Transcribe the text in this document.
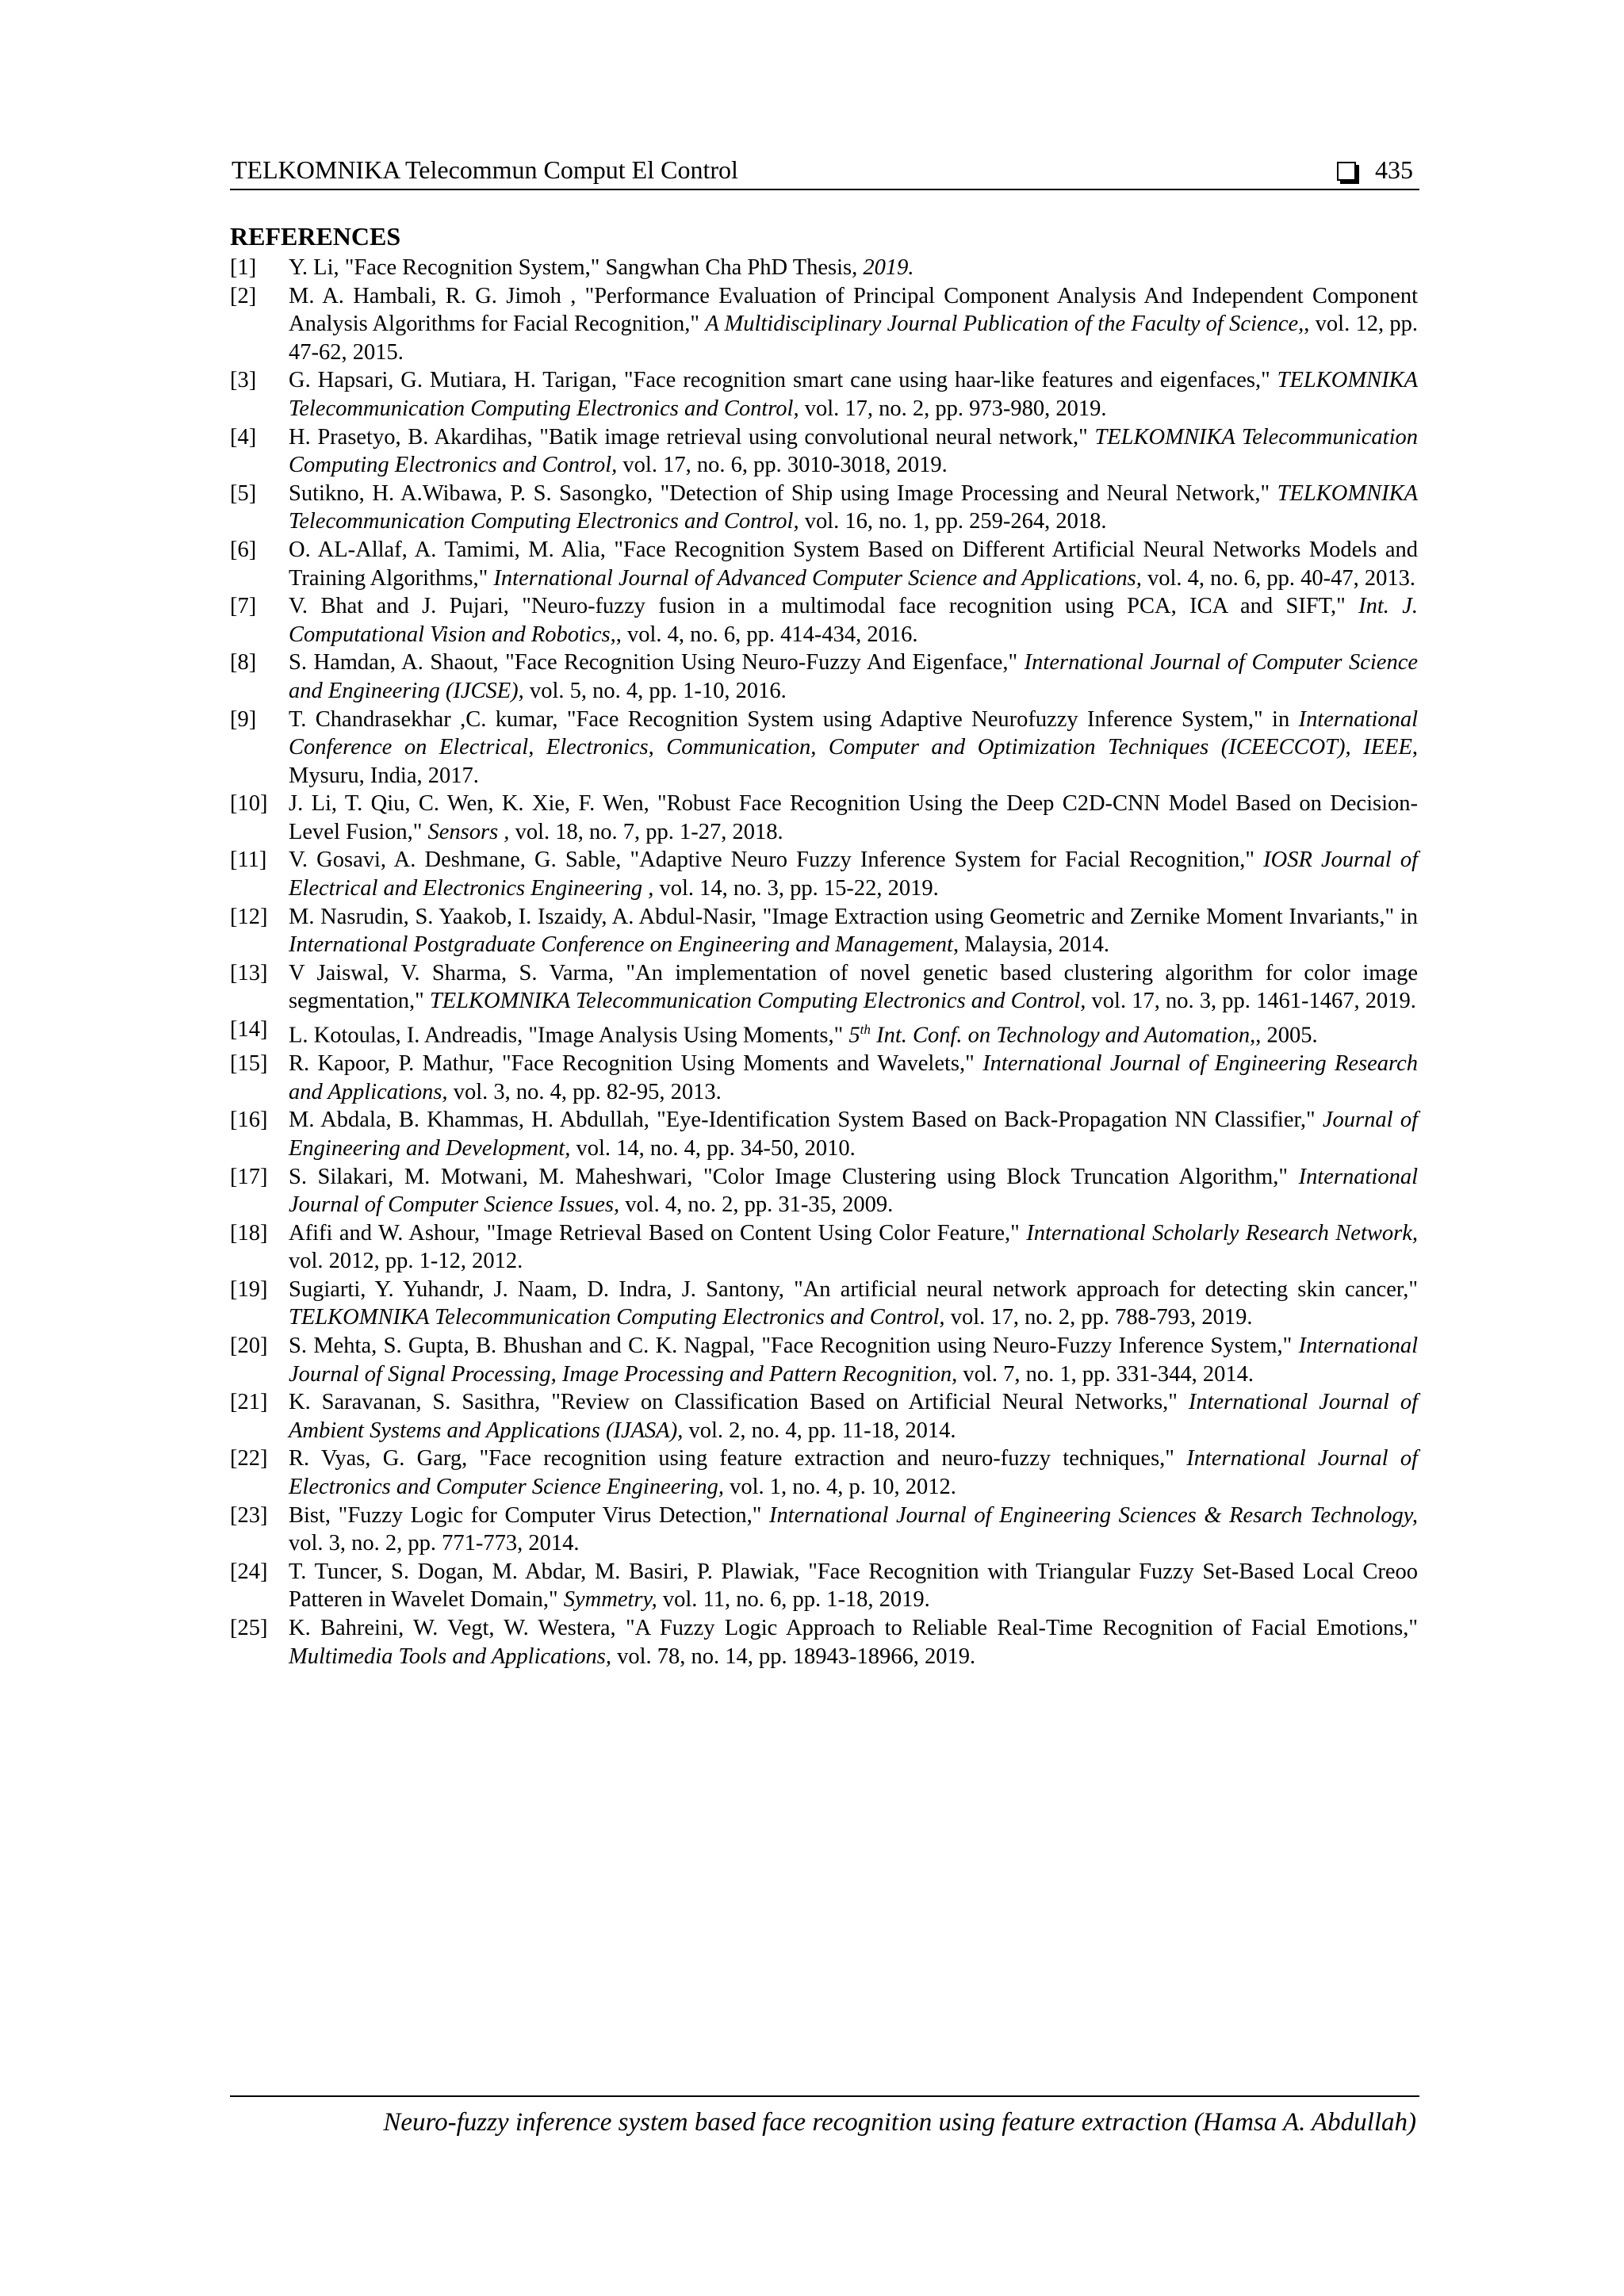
TELKOMNIKA Telecommun Comput El Control	435
REFERENCES
[1]	Y. Li, "Face Recognition System," Sangwhan Cha PhD Thesis, 2019.
[2]	M. A. Hambali, R. G. Jimoh , "Performance Evaluation of Principal Component Analysis And Independent Component Analysis Algorithms for Facial Recognition," A Multidisciplinary Journal Publication of the Faculty of Science,, vol. 12, pp. 47-62, 2015.
[3]	G. Hapsari, G. Mutiara, H. Tarigan, "Face recognition smart cane using haar-like features and eigenfaces," TELKOMNIKA Telecommunication Computing Electronics and Control, vol. 17, no. 2, pp. 973-980, 2019.
[4]	H. Prasetyo, B. Akardihas, "Batik image retrieval using convolutional neural network," TELKOMNIKA Telecommunication Computing Electronics and Control, vol. 17, no. 6, pp. 3010-3018, 2019.
[5]	Sutikno, H. A.Wibawa, P. S. Sasongko, "Detection of Ship using Image Processing and Neural Network," TELKOMNIKA Telecommunication Computing Electronics and Control, vol. 16, no. 1, pp. 259-264, 2018.
[6]	O. AL-Allaf, A. Tamimi, M. Alia, "Face Recognition System Based on Different Artificial Neural Networks Models and Training Algorithms," International Journal of Advanced Computer Science and Applications, vol. 4, no. 6, pp. 40-47, 2013.
[7]	V. Bhat and J. Pujari, "Neuro-fuzzy fusion in a multimodal face recognition using PCA, ICA and SIFT," Int. J. Computational Vision and Robotics,, vol. 4, no. 6, pp. 414-434, 2016.
[8]	S. Hamdan, A. Shaout, "Face Recognition Using Neuro-Fuzzy And Eigenface," International Journal of Computer Science and Engineering (IJCSE), vol. 5, no. 4, pp. 1-10, 2016.
[9]	T. Chandrasekhar ,C. kumar, "Face Recognition System using Adaptive Neurofuzzy Inference System," in International Conference on Electrical, Electronics, Communication, Computer and Optimization Techniques (ICEECCOT), IEEE, Mysuru, India, 2017.
[10] J. Li, T. Qiu, C. Wen, K. Xie, F. Wen, "Robust Face Recognition Using the Deep C2D-CNN Model Based on Decision-Level Fusion," Sensors , vol. 18, no. 7, pp. 1-27, 2018.
[11] V. Gosavi, A. Deshmane, G. Sable, "Adaptive Neuro Fuzzy Inference System for Facial Recognition," IOSR Journal of Electrical and Electronics Engineering , vol. 14, no. 3, pp. 15-22, 2019.
[12] M. Nasrudin, S. Yaakob, I. Iszaidy, A. Abdul-Nasir, "Image Extraction using Geometric and Zernike Moment Invariants," in International Postgraduate Conference on Engineering and Management, Malaysia, 2014.
[13] V Jaiswal, V. Sharma, S. Varma, "An implementation of novel genetic based clustering algorithm for color image segmentation," TELKOMNIKA Telecommunication Computing Electronics and Control, vol. 17, no. 3, pp. 1461-1467, 2019.
[14] L. Kotoulas, I. Andreadis, "Image Analysis Using Moments," 5th Int. Conf. on Technology and Automation,, 2005.
[15] R. Kapoor, P. Mathur, "Face Recognition Using Moments and Wavelets," International Journal of Engineering Research and Applications, vol. 3, no. 4, pp. 82-95, 2013.
[16] M. Abdala, B. Khammas, H. Abdullah, "Eye-Identification System Based on Back-Propagation NN Classifier," Journal of Engineering and Development, vol. 14, no. 4, pp. 34-50, 2010.
[17] S. Silakari, M. Motwani, M. Maheshwari, "Color Image Clustering using Block Truncation Algorithm," International Journal of Computer Science Issues, vol. 4, no. 2, pp. 31-35, 2009.
[18] Afifi and W. Ashour, "Image Retrieval Based on Content Using Color Feature," International Scholarly Research Network, vol. 2012, pp. 1-12, 2012.
[19] Sugiarti, Y. Yuhandr, J. Naam, D. Indra, J. Santony, "An artificial neural network approach for detecting skin cancer," TELKOMNIKA Telecommunication Computing Electronics and Control, vol. 17, no. 2, pp. 788-793, 2019.
[20] S. Mehta, S. Gupta, B. Bhushan and C. K. Nagpal, "Face Recognition using Neuro-Fuzzy Inference System," International Journal of Signal Processing, Image Processing and Pattern Recognition, vol. 7, no. 1, pp. 331-344, 2014.
[21] K. Saravanan, S. Sasithra, "Review on Classification Based on Artificial Neural Networks," International Journal of Ambient Systems and Applications (IJASA), vol. 2, no. 4, pp. 11-18, 2014.
[22] R. Vyas, G. Garg, "Face recognition using feature extraction and neuro-fuzzy techniques," International Journal of Electronics and Computer Science Engineering, vol. 1, no. 4, p. 10, 2012.
[23] Bist, "Fuzzy Logic for Computer Virus Detection," International Journal of Engineering Sciences & Resarch Technology, vol. 3, no. 2, pp. 771-773, 2014.
[24] T. Tuncer, S. Dogan, M. Abdar, M. Basiri, P. Plawiak, "Face Recognition with Triangular Fuzzy Set-Based Local Creoo Patteren in Wavelet Domain," Symmetry, vol. 11, no. 6, pp. 1-18, 2019.
[25] K. Bahreini, W. Vegt, W. Westera, "A Fuzzy Logic Approach to Reliable Real-Time Recognition of Facial Emotions," Multimedia Tools and Applications, vol. 78, no. 14, pp. 18943-18966, 2019.
Neuro-fuzzy inference system based face recognition using feature extraction (Hamsa A. Abdullah)
